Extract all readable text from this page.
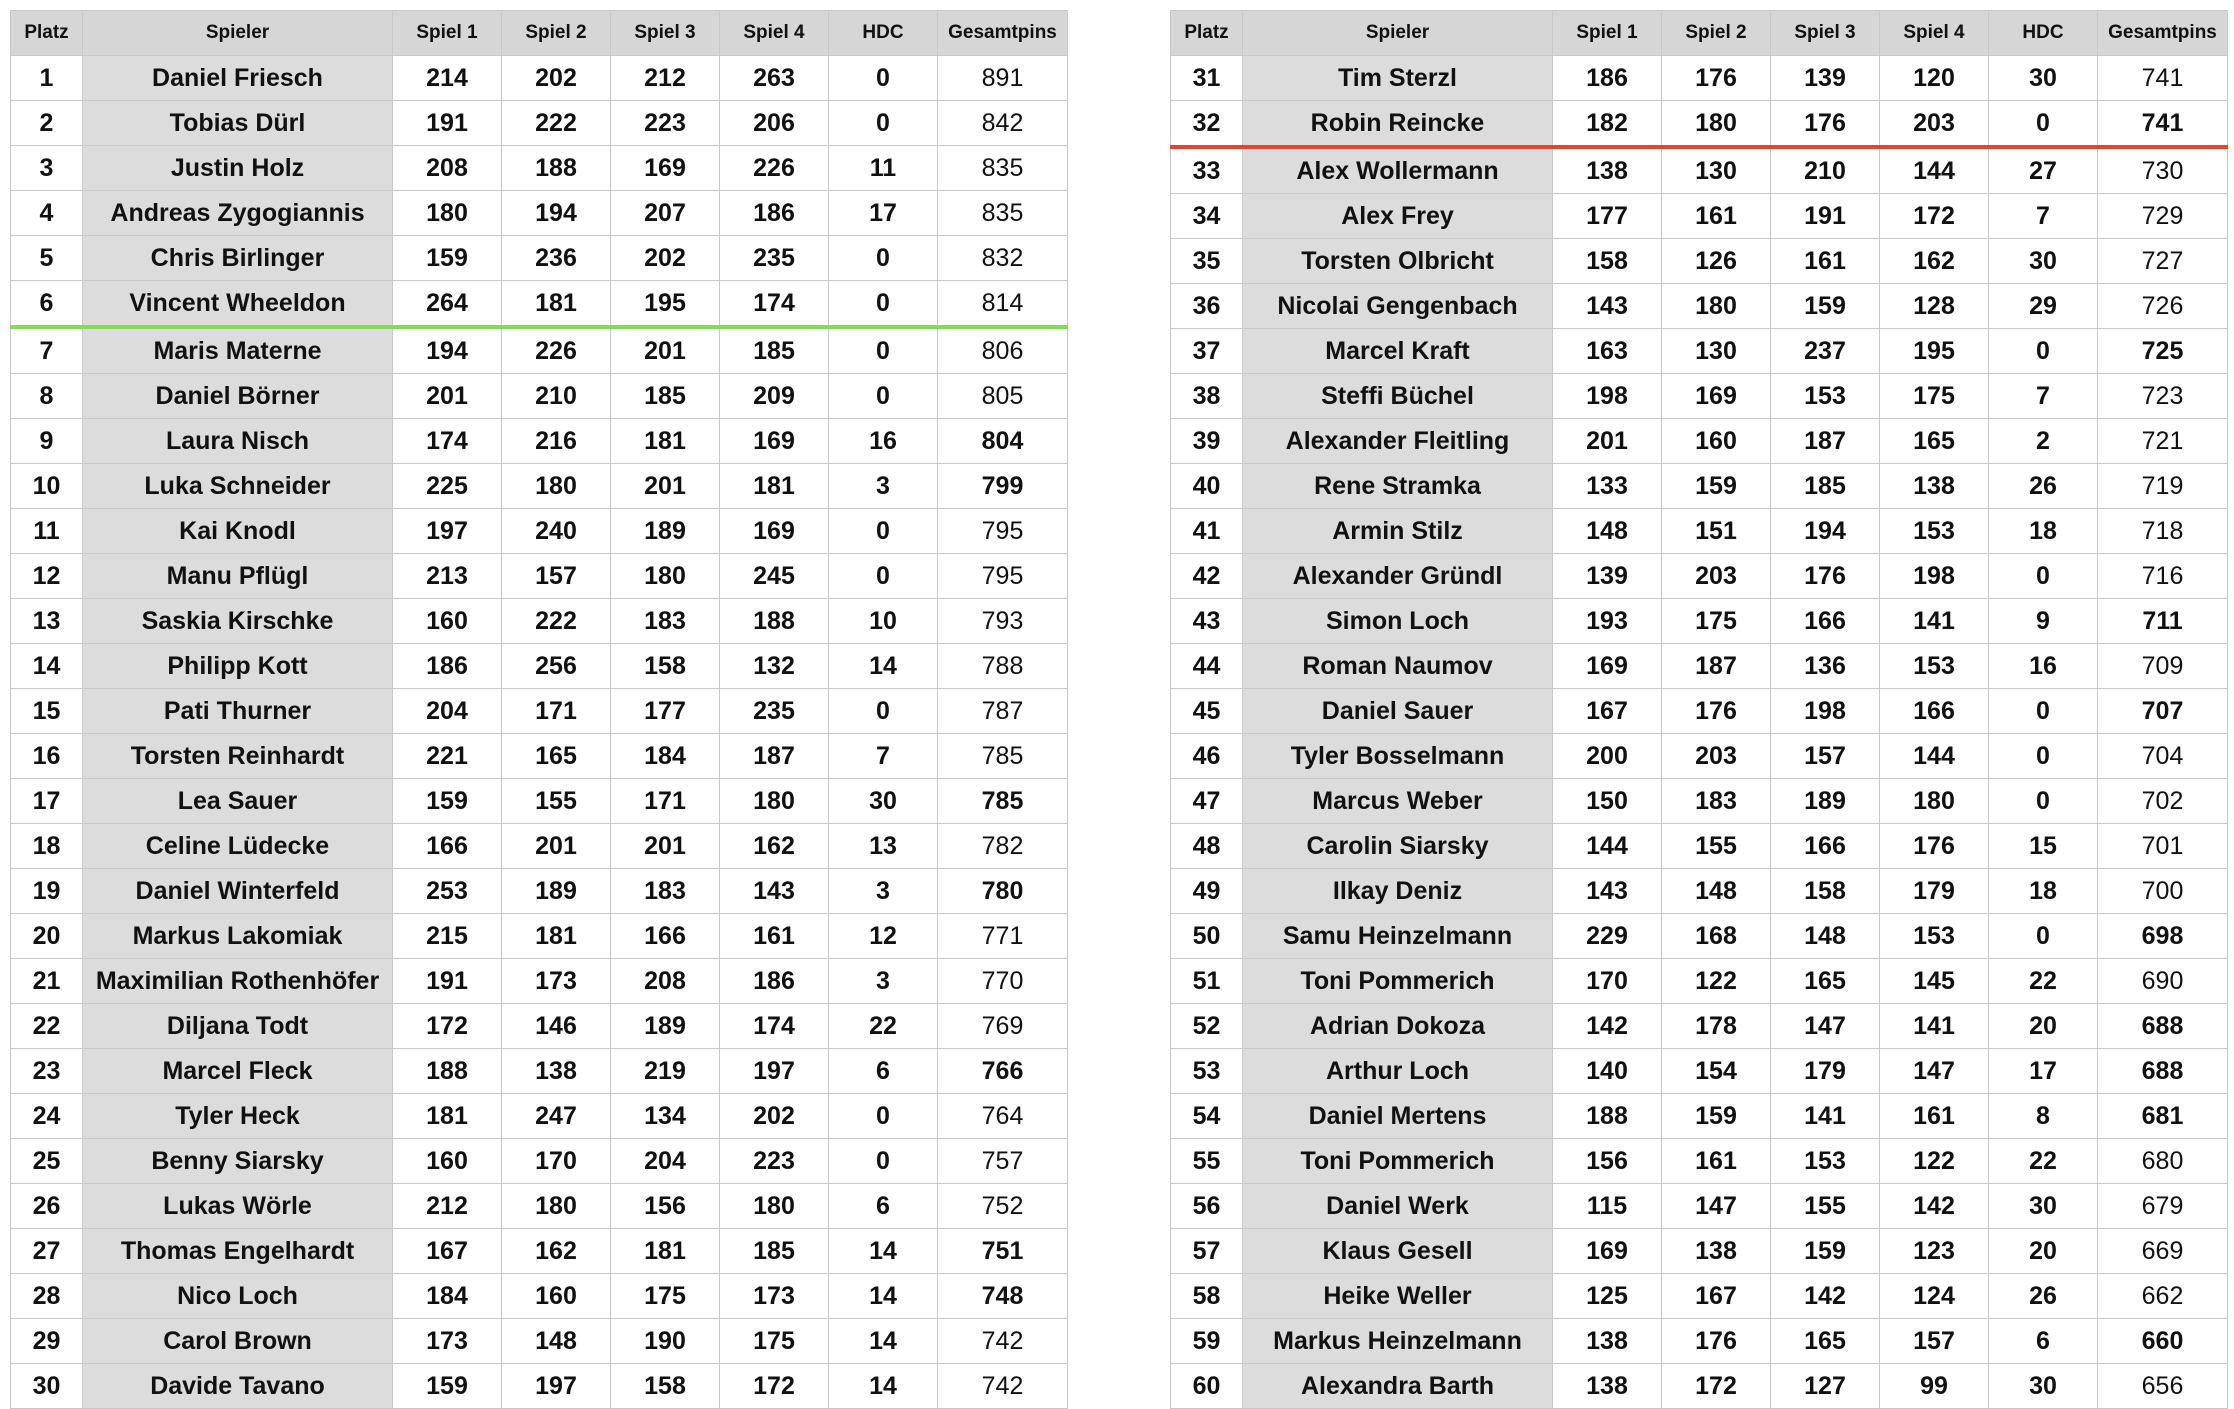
Platz	Spieler	Spiel 1	Spiel 2	Spiel 3	Spiel 4	HDC	Gesamtpins
1	Daniel Friesch	214	202	212	263	0	891
2	Tobias Dürl	191	222	223	206	0	842
3	Justin Holz	208	188	169	226	11	835
4	Andreas Zygogiannis	180	194	207	186	17	835
5	Chris Birlinger	159	236	202	235	0	832
6	Vincent Wheeldon	264	181	195	174	0	814
7	Maris Materne	194	226	201	185	0	806
8	Daniel Börner	201	210	185	209	0	805
9	Laura Nisch	174	216	181	169	16	804
10	Luka Schneider	225	180	201	181	3	799
11	Kai Knodl	197	240	189	169	0	795
12	Manu Pflügl	213	157	180	245	0	795
13	Saskia Kirschke	160	222	183	188	10	793
14	Philipp Kott	186	256	158	132	14	788
15	Pati Thurner	204	171	177	235	0	787
16	Torsten Reinhardt	221	165	184	187	7	785
17	Lea Sauer	159	155	171	180	30	785
18	Celine Lüdecke	166	201	201	162	13	782
19	Daniel Winterfeld	253	189	183	143	3	780
20	Markus Lakomiak	215	181	166	161	12	771
21	Maximilian Rothenhöfer	191	173	208	186	3	770
22	Diljana Todt	172	146	189	174	22	769
23	Marcel Fleck	188	138	219	197	6	766
24	Tyler Heck	181	247	134	202	0	764
25	Benny Siarsky	160	170	204	223	0	757
26	Lukas Wörle	212	180	156	180	6	752
27	Thomas Engelhardt	167	162	181	185	14	751
28	Nico Loch	184	160	175	173	14	748
29	Carol Brown	173	148	190	175	14	742
30	Davide Tavano	159	197	158	172	14	742
Platz	Spieler	Spiel 1	Spiel 2	Spiel 3	Spiel 4	HDC	Gesamtpins
31	Tim Sterzl	186	176	139	120	30	741
32	Robin Reincke	182	180	176	203	0	741
33	Alex Wollermann	138	130	210	144	27	730
34	Alex Frey	177	161	191	172	7	729
35	Torsten Olbricht	158	126	161	162	30	727
36	Nicolai Gengenbach	143	180	159	128	29	726
37	Marcel Kraft	163	130	237	195	0	725
38	Steffi Büchel	198	169	153	175	7	723
39	Alexander Fleitling	201	160	187	165	2	721
40	Rene Stramka	133	159	185	138	26	719
41	Armin Stilz	148	151	194	153	18	718
42	Alexander Gründl	139	203	176	198	0	716
43	Simon Loch	193	175	166	141	9	711
44	Roman Naumov	169	187	136	153	16	709
45	Daniel Sauer	167	176	198	166	0	707
46	Tyler Bosselmann	200	203	157	144	0	704
47	Marcus Weber	150	183	189	180	0	702
48	Carolin Siarsky	144	155	166	176	15	701
49	Ilkay Deniz	143	148	158	179	18	700
50	Samu Heinzelmann	229	168	148	153	0	698
51	Toni Pommerich	170	122	165	145	22	690
52	Adrian Dokoza	142	178	147	141	20	688
53	Arthur Loch	140	154	179	147	17	688
54	Daniel Mertens	188	159	141	161	8	681
55	Toni Pommerich	156	161	153	122	22	680
56	Daniel Werk	115	147	155	142	30	679
57	Klaus Gesell	169	138	159	123	20	669
58	Heike Weller	125	167	142	124	26	662
59	Markus Heinzelmann	138	176	165	157	6	660
60	Alexandra Barth	138	172	127	99	30	656
